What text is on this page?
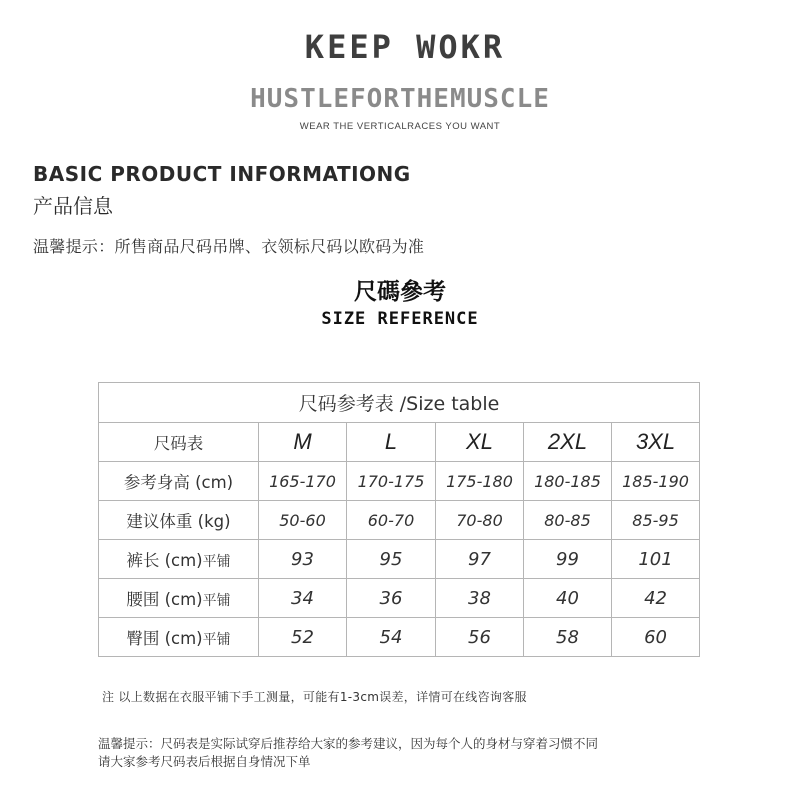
KEEP WOKR
HUSTLEFORTHEMUSCLE
WEAR THE VERTICALRACES YOU WANT
BASIC PRODUCT INFORMATIONG
产品信息
温馨提示：所售商品尺码吊牌、衣领标尺码以欧码为准
尺碼參考
SIZE REFERENCE
尺码参考表 /Size table					
尺码表	M	L	XL	2XL	3XL
参考身高 (cm)	165-170	170-175	175-180	180-185	185-190
建议体重 (kg)	50-60	60-70	70-80	80-85	85-95
裤长 (cm)平铺	93	95	97	99	101
腰围 (cm)平铺	34	36	38	40	42
臀围 (cm)平铺	52	54	56	58	60
注 以上数据在衣服平铺下手工测量，可能有1-3cm误差，详情可在线咨询客服
温馨提示：尺码表是实际试穿后推荐给大家的参考建议，因为每个人的身材与穿着习惯不同
请大家参考尺码表后根据自身情况下单
